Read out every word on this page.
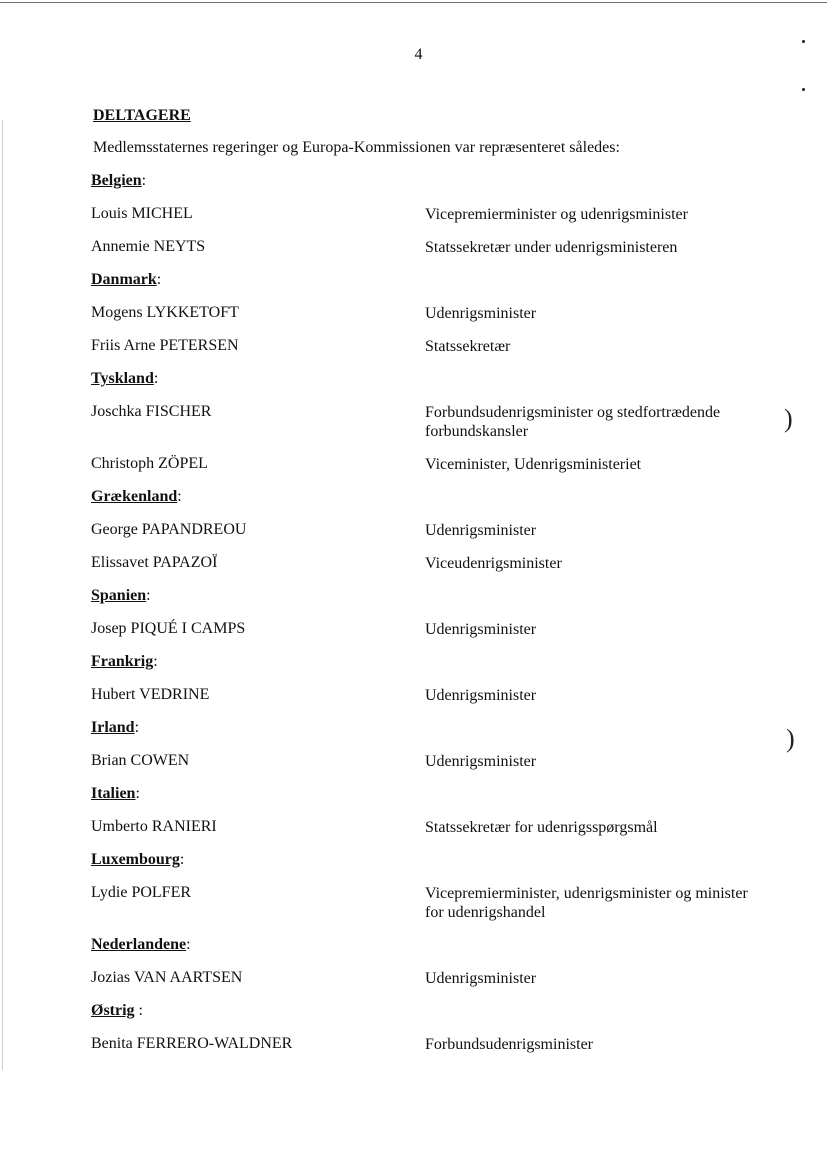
)
)
4
DELTAGERE
Medlemsstaternes regeringer og Europa-Kommissionen var repræsenteret således:
Belgien:
Louis MICHEL	Vicepremierminister og udenrigsminister
Annemie NEYTS	Statssekretær under udenrigsministeren
Danmark:
Mogens LYKKETOFT	Udenrigsminister
Friis Arne PETERSEN	Statssekretær
Tyskland:
Joschka FISCHER	Forbundsudenrigsminister og stedfortrædende forbundskansler
Christoph ZÖPEL	Viceminister, Udenrigsministeriet
Grækenland:
George PAPANDREOU	Udenrigsminister
Elissavet PAPAZOÏ	Viceudenrigsminister
Spanien:
Josep PIQUÉ I CAMPS	Udenrigsminister
Frankrig:
Hubert VEDRINE	Udenrigsminister
Irland:
Brian COWEN	Udenrigsminister
Italien:
Umberto RANIERI	Statssekretær for udenrigsspørgsmål
Luxembourg:
Lydie POLFER	Vicepremierminister, udenrigsminister og minister for udenrigshandel
Nederlandene:
Jozias VAN AARTSEN	Udenrigsminister
Østrig :
Benita FERRERO-WALDNER	Forbundsudenrigsminister
